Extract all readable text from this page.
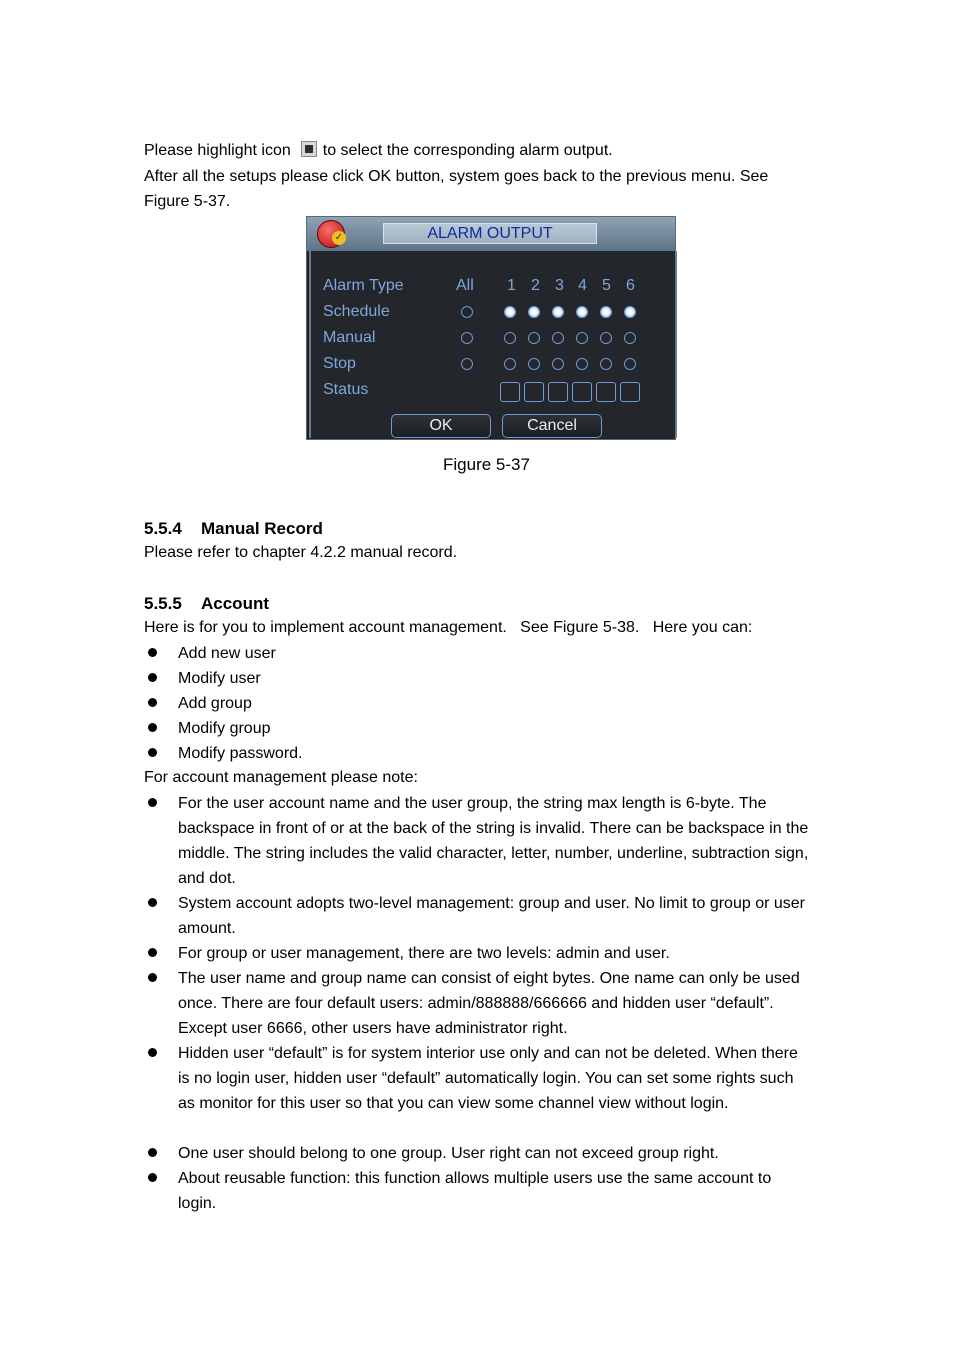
Please highlight icon to select the corresponding alarm output.
After all the setups please click OK button, system goes back to the previous menu. See
Figure 5-37.
✓
ALARM OUTPUT
Alarm Type
Schedule
Manual
Stop
Status
All 1 2 3 4 5 6
OK	Cancel
Figure 5-37
5.5.4 Manual Record
Please refer to chapter 4.2.2 manual record.
5.5.5 Account
Here is for you to implement account management.   See Figure 5-38.   Here you can:
Add new user
Modify user
Add group
Modify group
Modify password.
For account management please note:
For the user account name and the user group, the string max length is 6-byte. The backspace in front of or at the back of the string is invalid. There can be backspace in the middle. The string includes the valid character, letter, number, underline, subtraction sign, and dot.
System account adopts two-level management: group and user. No limit to group or user amount.
For group or user management, there are two levels: admin and user.
The user name and group name can consist of eight bytes. One name can only be used once. There are four default users: admin/888888/666666 and hidden user “default”. Except user 6666, other users have administrator right.
Hidden user “default” is for system interior use only and can not be deleted. When there is no login user, hidden user “default” automatically login. You can set some rights such as monitor for this user so that you can view some channel view without login.
One user should belong to one group. User right can not exceed group right.
About reusable function: this function allows multiple users use the same account to login.
